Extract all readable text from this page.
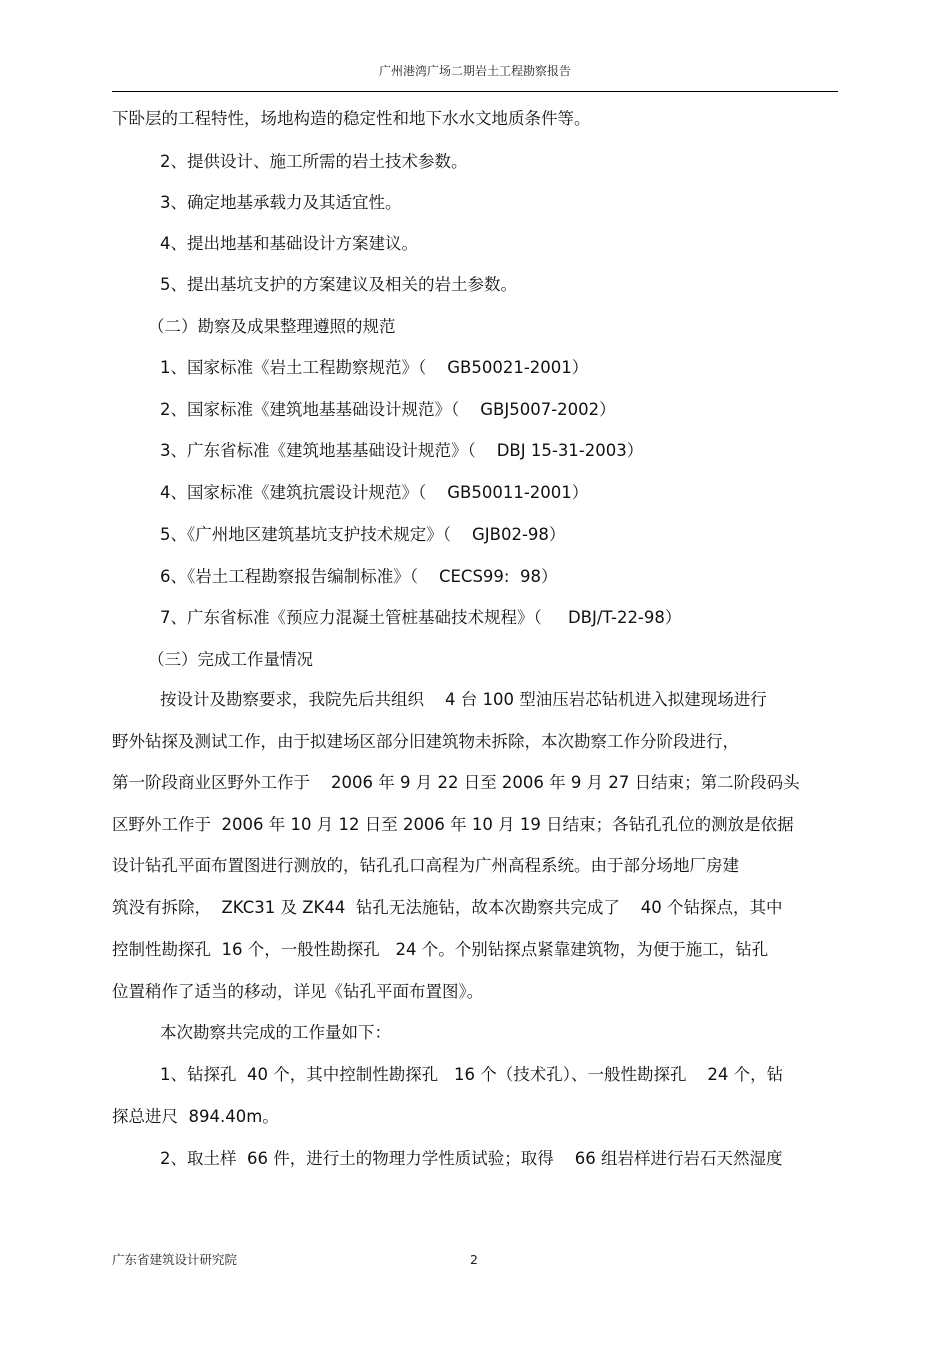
广州港湾广场二期岩土工程勘察报告
下卧层的工程特性，场地构造的稳定性和地下水水文地质条件等。
2、提供设计、施工所需的岩土技术参数。
3、确定地基承载力及其适宜性。
4、提出地基和基础设计方案建议。
5、提出基坑支护的方案建议及相关的岩土参数。
（二）勘察及成果整理遵照的规范
1、国家标准《岩土工程勘察规范》（    GB50021-2001）
2、国家标准《建筑地基基础设计规范》（    GBJ5007-2002）
3、广东省标准《建筑地基基础设计规范》（    DBJ 15-31-2003）
4、国家标准《建筑抗震设计规范》（    GB50011-2001）
5、《广州地区建筑基坑支护技术规定》（    GJB02-98）
6、《岩土工程勘察报告编制标准》（    CECS99:  98）
7、广东省标准《预应力混凝土管桩基础技术规程》（     DBJ/T-22-98）
（三）完成工作量情况
按设计及勘察要求，我院先后共组织    4 台 100 型油压岩芯钻机进入拟建现场进行
野外钻探及测试工作，由于拟建场区部分旧建筑物未拆除，本次勘察工作分阶段进行，
第一阶段商业区野外工作于    2006 年 9 月 22 日至 2006 年 9 月 27 日结束；第二阶段码头
区野外工作于  2006 年 10 月 12 日至 2006 年 10 月 19 日结束；各钻孔孔位的测放是依据
设计钻孔平面布置图进行测放的，钻孔孔口高程为广州高程系统。由于部分场地厂房建
筑没有拆除，  ZKC31 及 ZK44  钻孔无法施钻，故本次勘察共完成了    40 个钻探点，其中
控制性勘探孔  16 个，一般性勘探孔   24 个。个别钻探点紧靠建筑物，为便于施工，钻孔
位置稍作了适当的移动，详见《钻孔平面布置图》。
本次勘察共完成的工作量如下：
1、钻探孔  40 个，其中控制性勘探孔   16 个（技术孔）、一般性勘探孔    24 个，钻
探总进尺  894.40m。
2、取土样  66 件，进行土的物理力学性质试验；取得    66 组岩样进行岩石天然湿度
广东省建筑设计研究院	2
